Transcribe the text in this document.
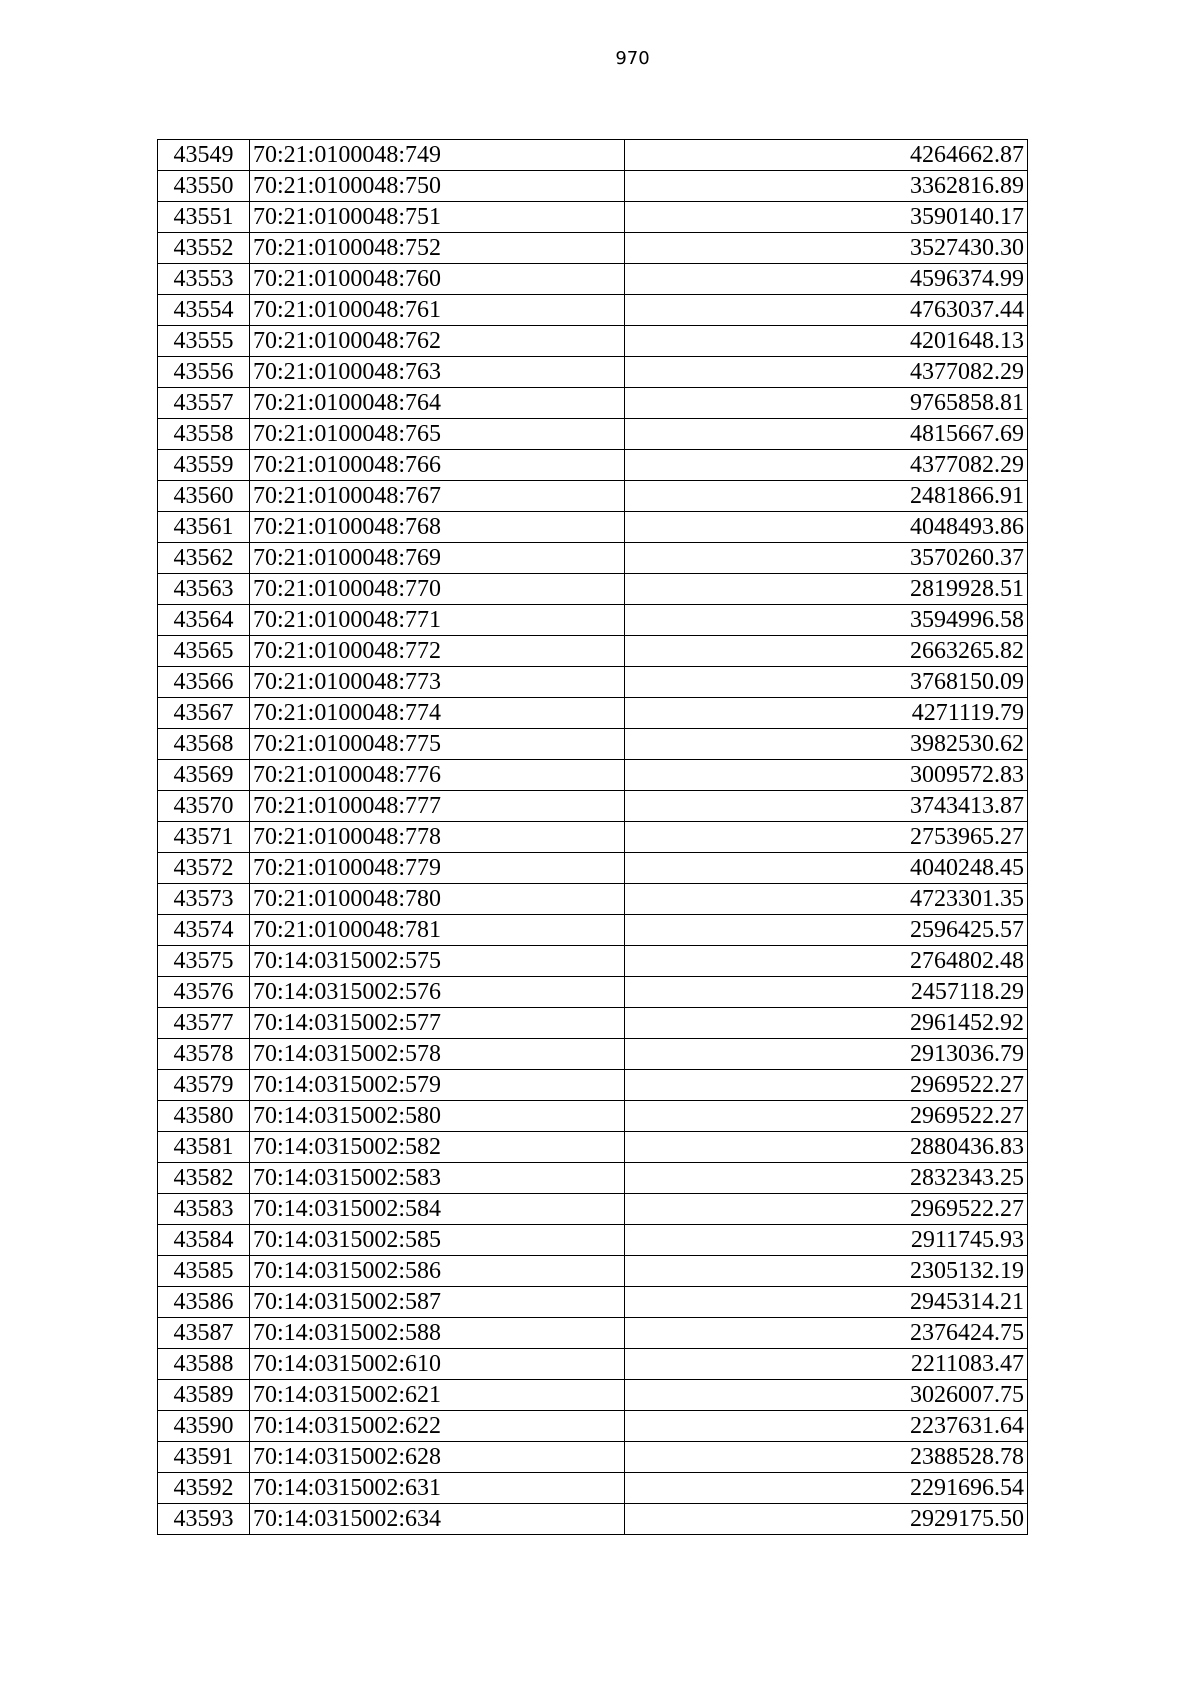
970
43549	70:21:0100048:749	4264662.87
43550	70:21:0100048:750	3362816.89
43551	70:21:0100048:751	3590140.17
43552	70:21:0100048:752	3527430.30
43553	70:21:0100048:760	4596374.99
43554	70:21:0100048:761	4763037.44
43555	70:21:0100048:762	4201648.13
43556	70:21:0100048:763	4377082.29
43557	70:21:0100048:764	9765858.81
43558	70:21:0100048:765	4815667.69
43559	70:21:0100048:766	4377082.29
43560	70:21:0100048:767	2481866.91
43561	70:21:0100048:768	4048493.86
43562	70:21:0100048:769	3570260.37
43563	70:21:0100048:770	2819928.51
43564	70:21:0100048:771	3594996.58
43565	70:21:0100048:772	2663265.82
43566	70:21:0100048:773	3768150.09
43567	70:21:0100048:774	4271119.79
43568	70:21:0100048:775	3982530.62
43569	70:21:0100048:776	3009572.83
43570	70:21:0100048:777	3743413.87
43571	70:21:0100048:778	2753965.27
43572	70:21:0100048:779	4040248.45
43573	70:21:0100048:780	4723301.35
43574	70:21:0100048:781	2596425.57
43575	70:14:0315002:575	2764802.48
43576	70:14:0315002:576	2457118.29
43577	70:14:0315002:577	2961452.92
43578	70:14:0315002:578	2913036.79
43579	70:14:0315002:579	2969522.27
43580	70:14:0315002:580	2969522.27
43581	70:14:0315002:582	2880436.83
43582	70:14:0315002:583	2832343.25
43583	70:14:0315002:584	2969522.27
43584	70:14:0315002:585	2911745.93
43585	70:14:0315002:586	2305132.19
43586	70:14:0315002:587	2945314.21
43587	70:14:0315002:588	2376424.75
43588	70:14:0315002:610	2211083.47
43589	70:14:0315002:621	3026007.75
43590	70:14:0315002:622	2237631.64
43591	70:14:0315002:628	2388528.78
43592	70:14:0315002:631	2291696.54
43593	70:14:0315002:634	2929175.50
